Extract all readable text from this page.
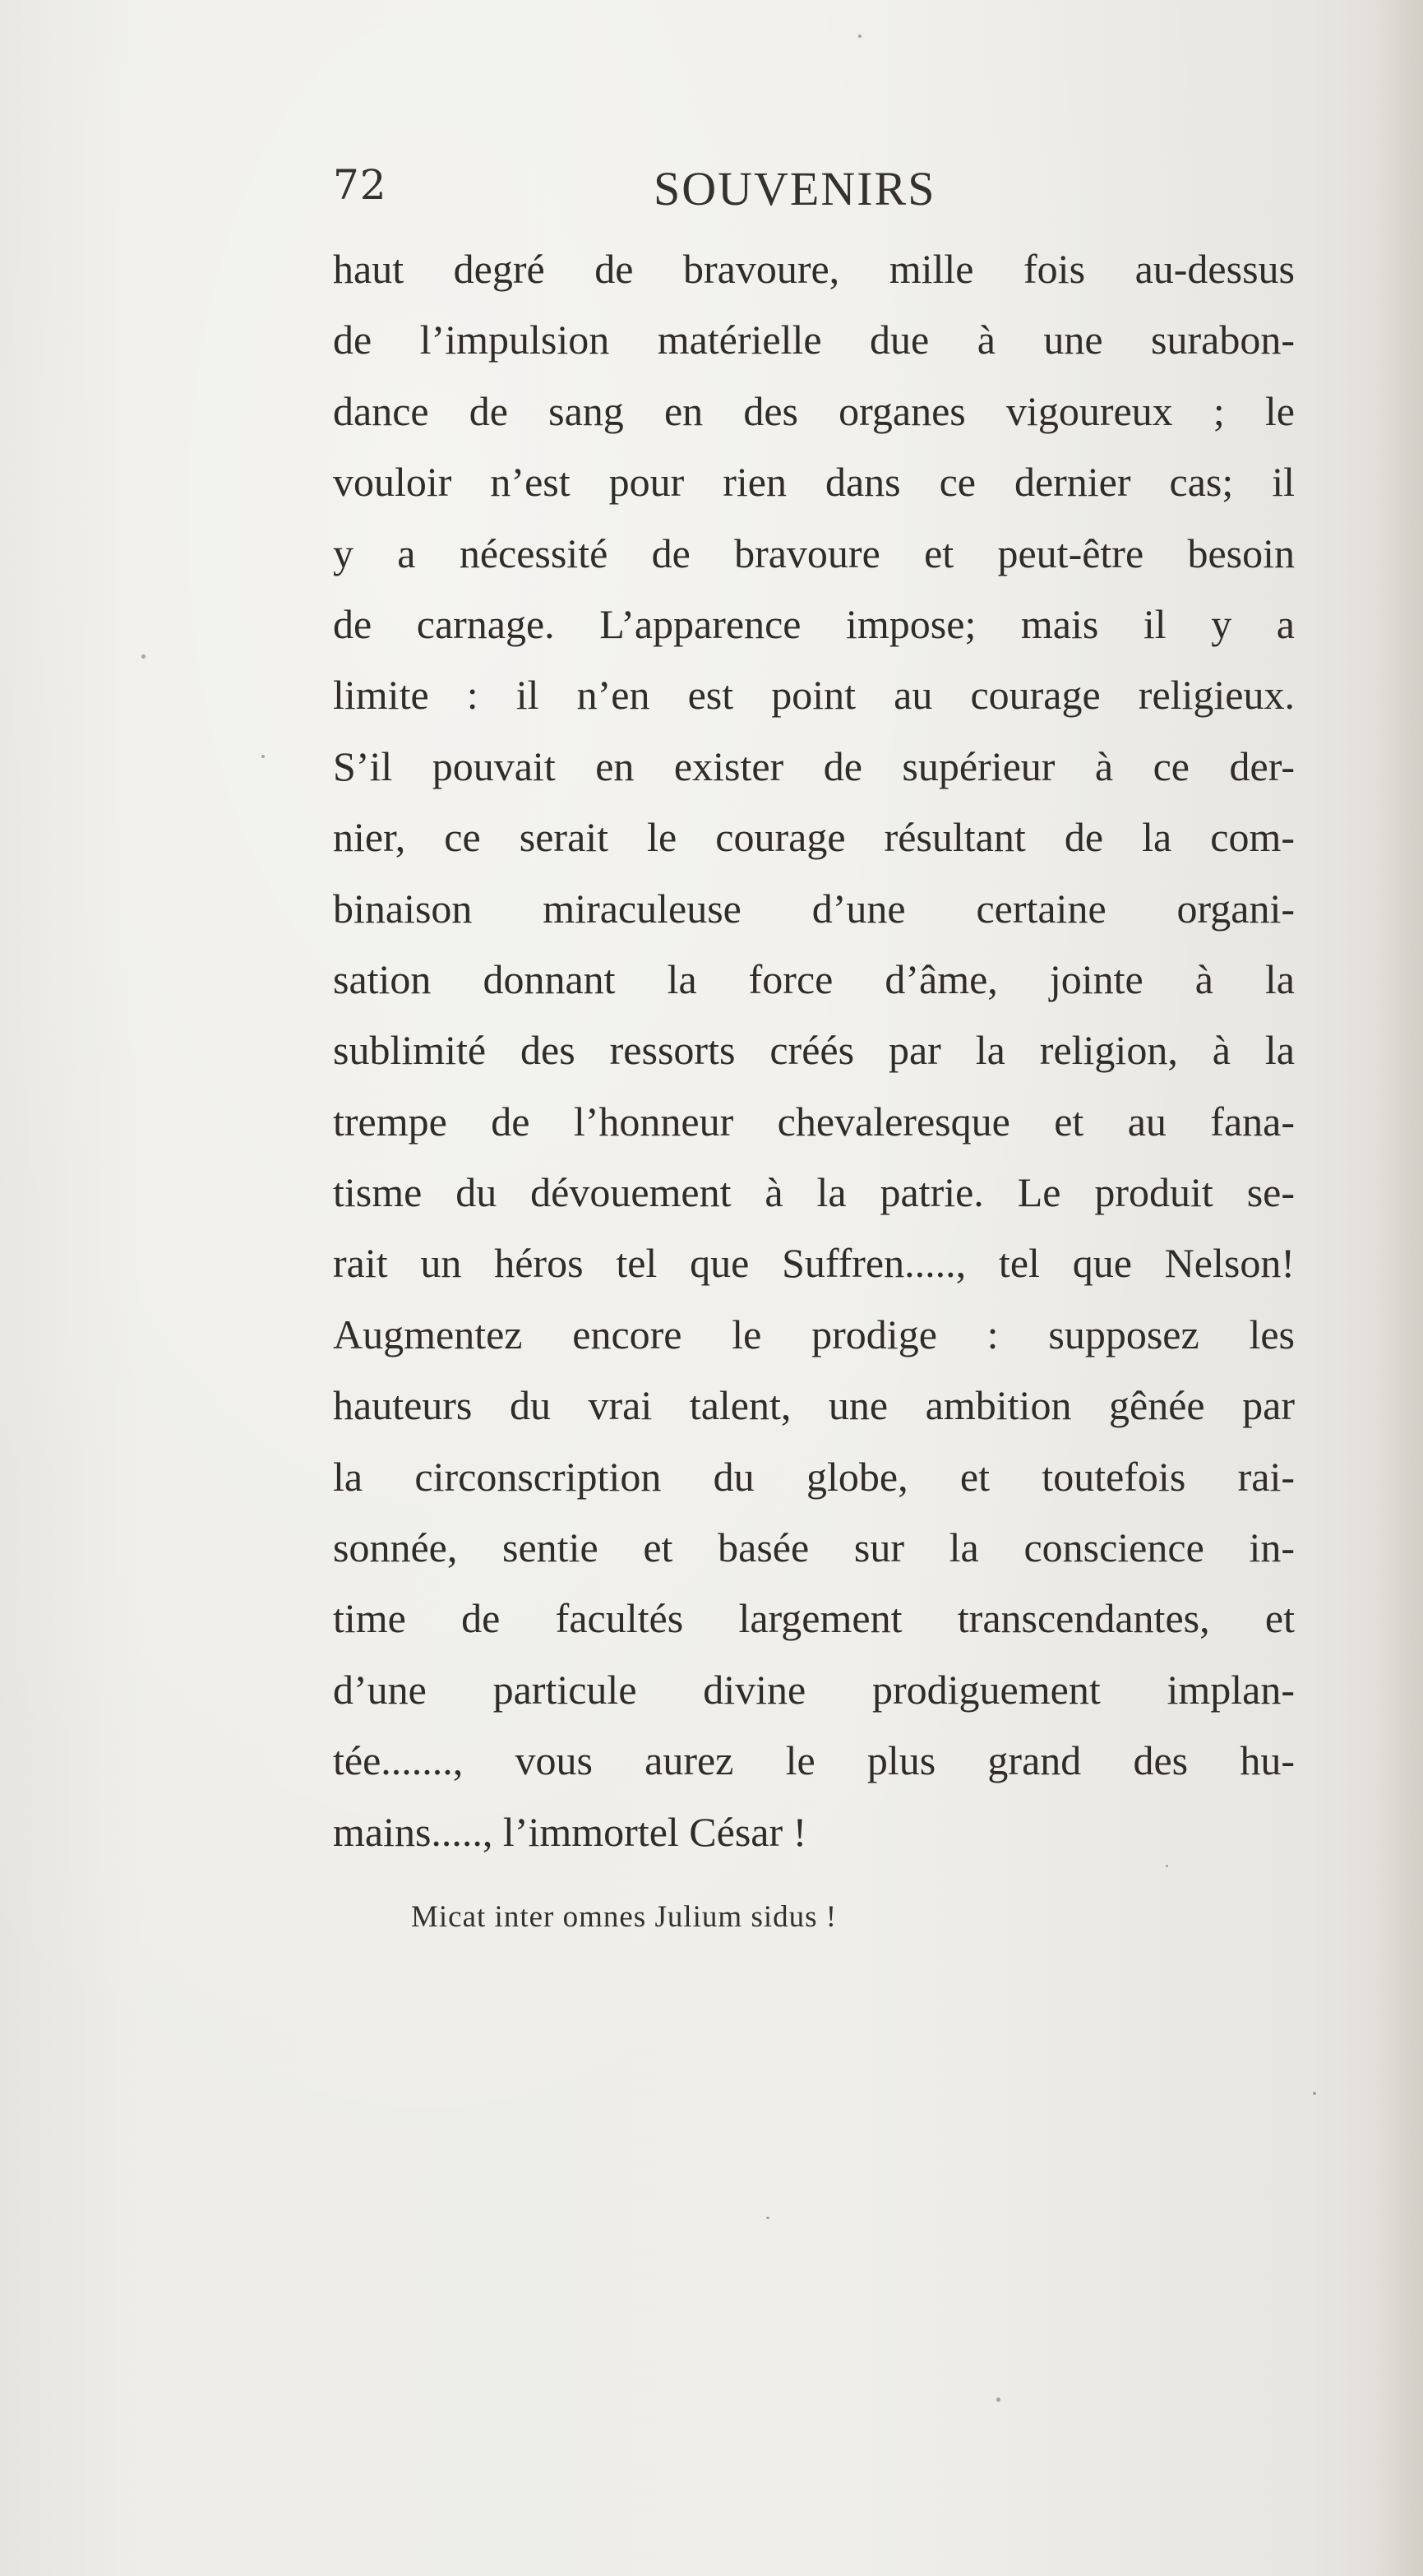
72	SOUVENIRS
haut degré de bravoure, mille fois au-dessus
de l’impulsion matérielle due à une surabon-
dance de sang en des organes vigoureux ; le
vouloir n’est pour rien dans ce dernier cas; il
y a nécessité de bravoure et peut-être besoin
de carnage. L’apparence impose; mais il y a
limite : il n’en est point au courage religieux.
S’il pouvait en exister de supérieur à ce der-
nier, ce serait le courage résultant de la com-
binaison miraculeuse d’une certaine organi-
sation donnant la force d’âme, jointe à la
sublimité des ressorts créés par la religion, à la
trempe de l’honneur chevaleresque et au fana-
tisme du dévouement à la patrie. Le produit se-
rait un héros tel que Suffren....., tel que Nelson!
Augmentez encore le prodige : supposez les
hauteurs du vrai talent, une ambition gênée par
la circonscription du globe, et toutefois rai-
sonnée, sentie et basée sur la conscience in-
time de facultés largement transcendantes, et
d’une particule divine prodiguement implan-
tée......., vous aurez le plus grand des hu-
mains....., l’immortel César !
Micat inter omnes Julium sidus !
